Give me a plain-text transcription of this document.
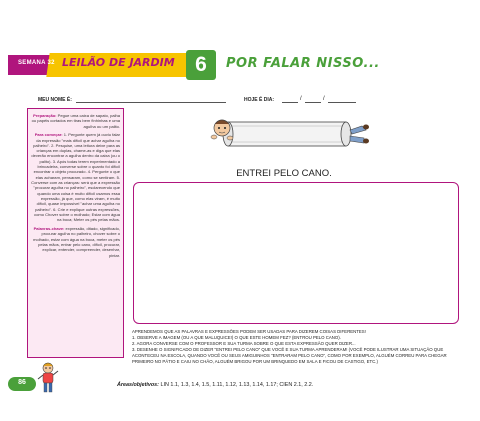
SEMANA 32 LEILÃO DE JARDIM 6	POR FALAR NISSO...
MEU NOME É:	HOJE É DIA:	/	/

Preparação: Pegue uma caixa de sapato, palha ou papéis cortados em tiras bem finhinhas e uma agulha ou um palito.

Para começar: 1. Pergunte quem já ouviu falar da expressão "mais difícil que achar agulha no palheiro". 2. Pesquise, uma leitura deixe para as crianças em duplas, chame-as e diga que elas deverão encontrar a agulha dentro da caixa (ou o palito). 3. Após todas terem experimentado a brincadeira, converse sobre o quanto foi difícil encontrar o objeto procurado. 4. Pergunte o que elas acharam, pensaram, como se sentiram. 5. Converse com as crianças: será que a expressão "procurar agulha no palheiro", esclarecendo que quando uma coisa é muito difícil usamos essa expressão, já que, como elas viram, é muito difícil, quase impossível "achar uma agulha no palheiro". 6. Crie e explique outras expressões, como Chover sobre o molhado; Estar com água na boca; Meter os pés pelas mãos.

Palavras-chave: expressão, ditado, significado, procurar agulha no palheiro, chover sobre o molhado, estar com água na boca, meter os pés pelas mãos, entrar pelo cano, difícil, procurar, explicar, entender, compreender, desenhar, pintar.

ENTREI PELO CANO.

APRENDEMOS QUE AS PALAVRAS E EXPRESSÕES PODEM SER USADAS PARA DIZEREM COISAS DIFERENTES!

1. OBSERVE A IMAGEM (OU A QUE MALUQUICE!) O QUE ESTE HOMEM FEZ? (ENTROU PELO CANO).

2. AGORA CONVERSE COM O PROFESSOR E SUA TURMA SOBRE O QUE ESTA EXPRESSÃO QUER DIZER...

3. DESENHE O SIGNIFICADO DE DIZER "ENTREI PELO CANO" QUE VOCÊ E SUA TURMA APRENDERAM! (VOCÊ PODE ILUSTRAR UMA SITUAÇÃO QUE

ACONTECEU NA ESCOLA, QUANDO VOCÊ OU SEUS AMIGUINHOS "ENTRARAM PELO CANO", COMO POR EXEMPLO, ALGUÉM CORREU PARA CHEGAR

PRIMEIRO NO PÁTIO E CAIU NO CHÃO, ALGUÉM BRIGOU POR UM BRINQUEDO EM SALA E FICOU DE CASTIGO, ETC.)

86	Áreas/objetivos: LIN 1.1, 1.3, 1.4, 1.5, 1.11, 1.12, 1.13, 1.14, 1.17; CIEN 2.1, 2.2.
